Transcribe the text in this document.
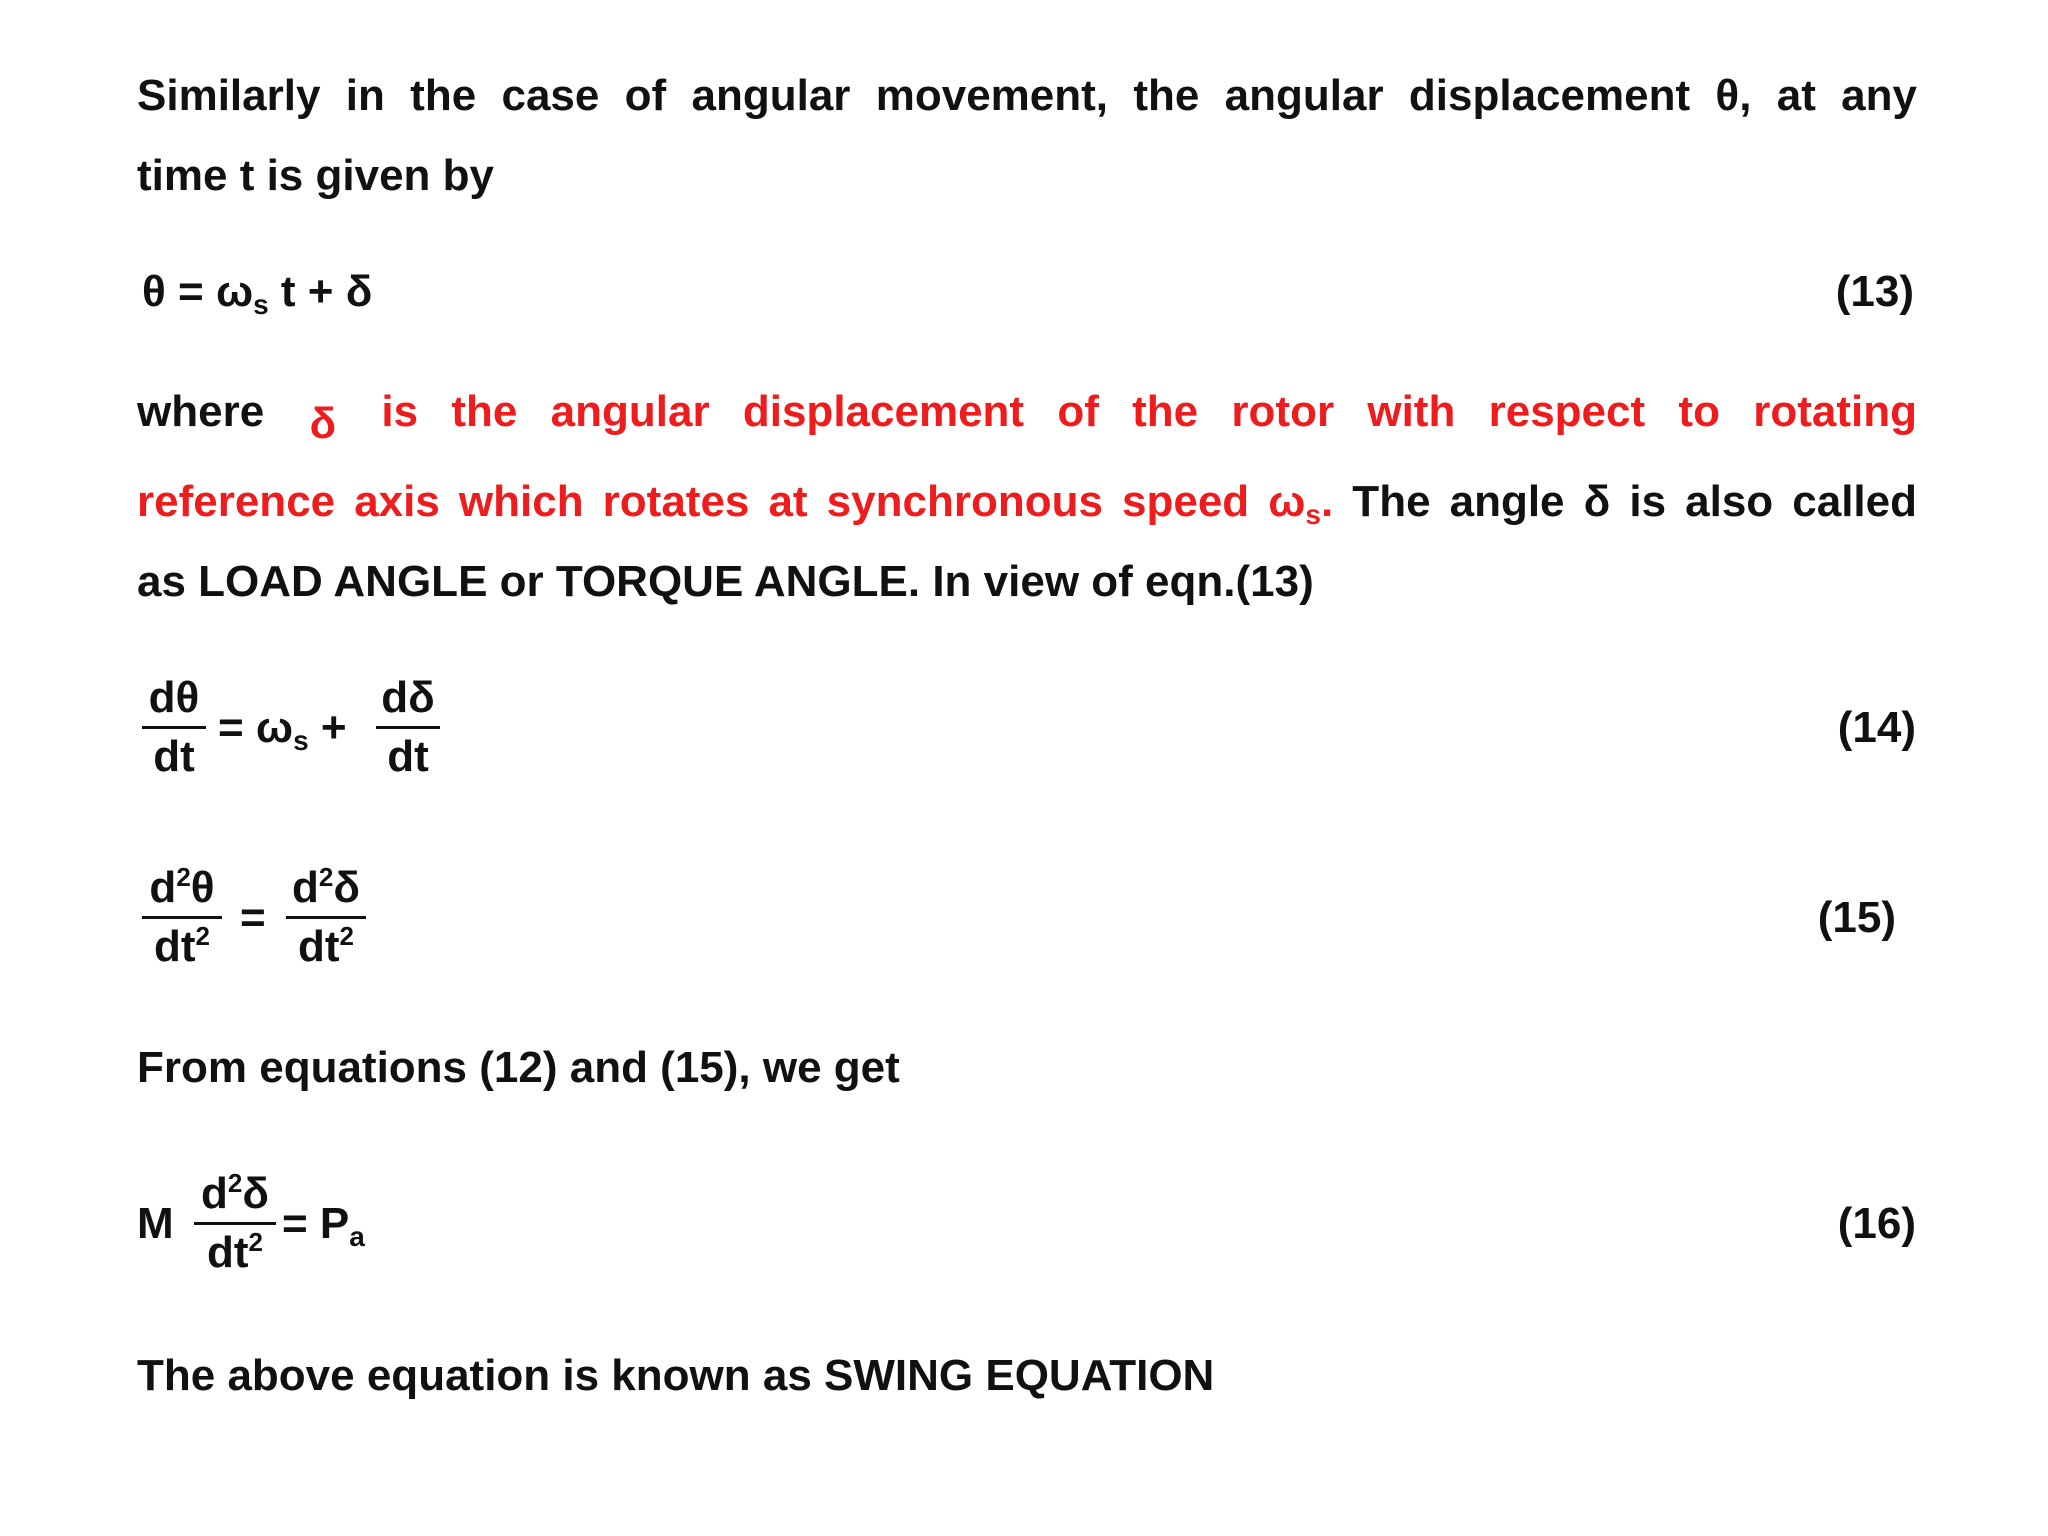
Similarly in the case of angular movement, the angular displacement θ, at any
time t is given by
$\theta = \omega_s$ t + δ	(13)
where δ is the angular displacement of the rotor with respect to rotating
reference axis which rotates at synchronous speed $\omega_s$. The angle δ is also called
as LOAD ANGLE or TORQUE ANGLE. In view of eqn.(13)
dθ
dt
= $\omega_s$ +
dδ
dt
(14)
$d^2\theta$
$dt^2$ =
$d^2\delta$
$dt^2$	(15)
From equations (12) and (15), we get
M
$d^2\delta$
$dt^2 = P_a$	(16)
The above equation is known as SWING EQUATION
